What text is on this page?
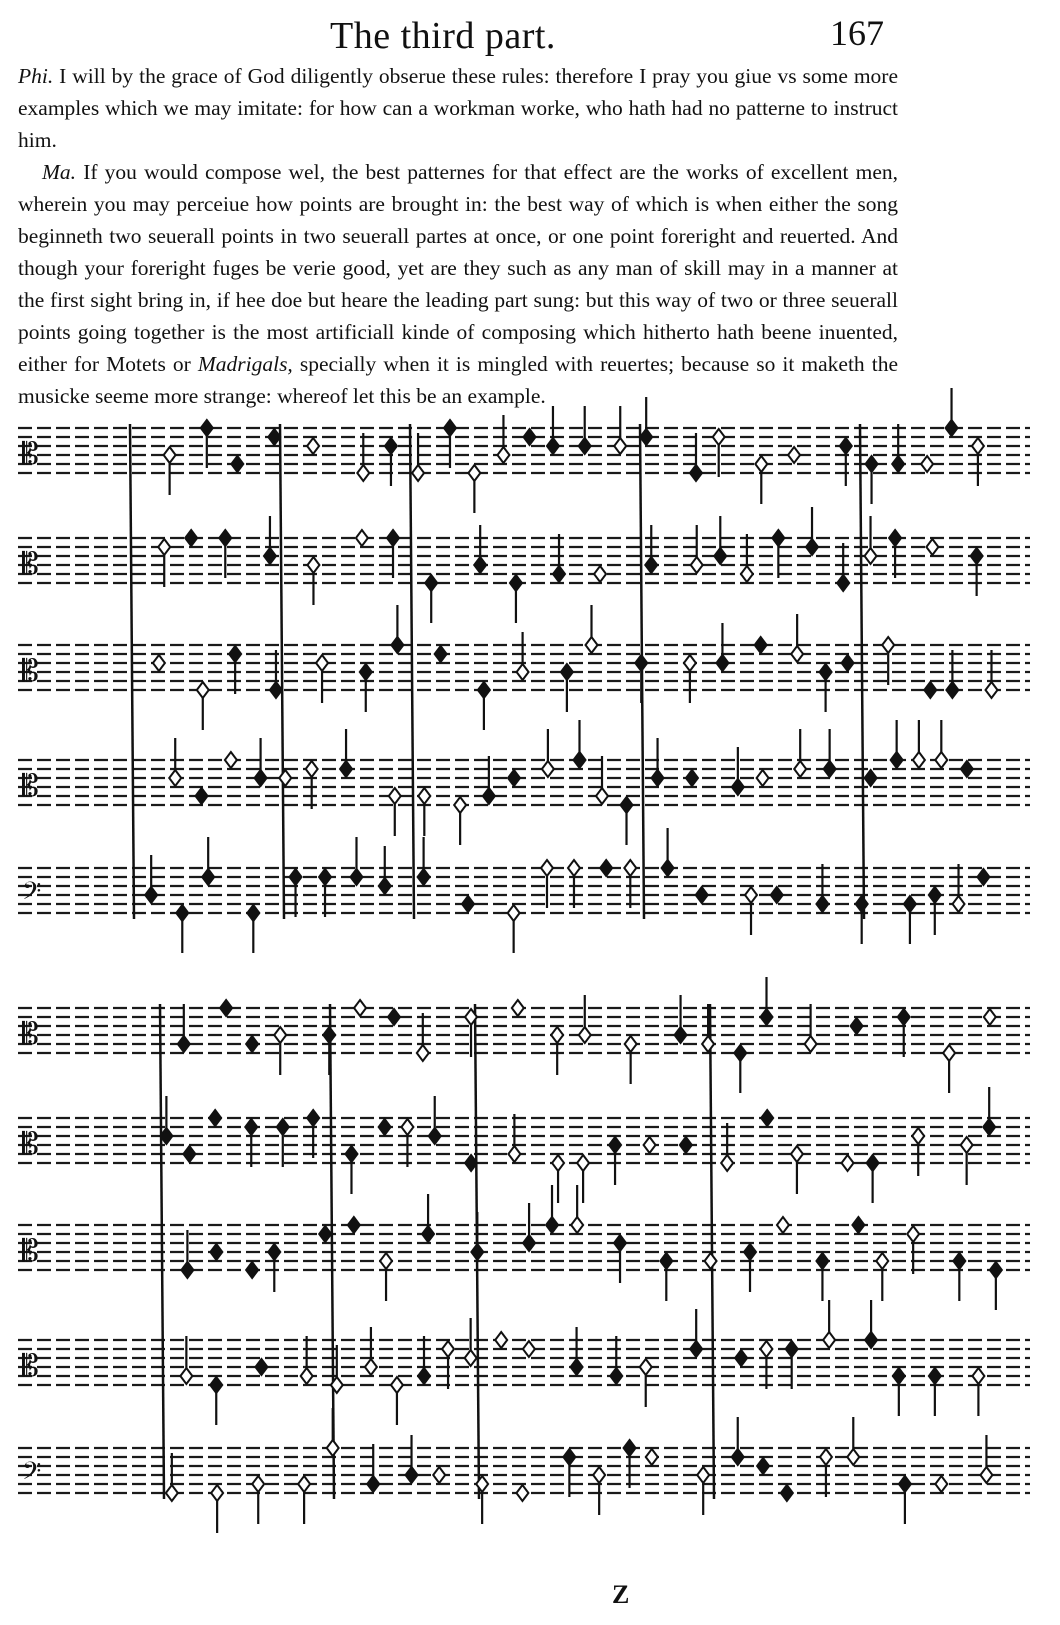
The third part.	167

Phi. I will by the grace of God diligently obserue these rules: therefore I pray you giue vs some more examples which we may imitate: for how can a workman worke, who hath had no patterne to instruct him.

Ma. If you would compose wel, the best patternes for that effect are the works of excellent men, wherein you may perceiue how points are brought in: the best way of which is when either the song beginneth two seuerall points in two seuerall partes at once, or one point foreright and reuerted. And though your foreright fuges be verie good, yet are they such as any man of skill may in a manner at the first sight bring in, if hee doe but heare the leading part sung: but this way of two or three seuerall points going together is the most artificiall kinde of composing which hitherto hath beene inuented, either for Motets or Madrigals, specially when it is mingled with reuertes; because so it maketh the musicke seeme more strange: whereof let this be an example.

𝄡
𝄡
𝄡
𝄡
𝄢
𝄡
𝄡
𝄡
𝄡
𝄢
Z
